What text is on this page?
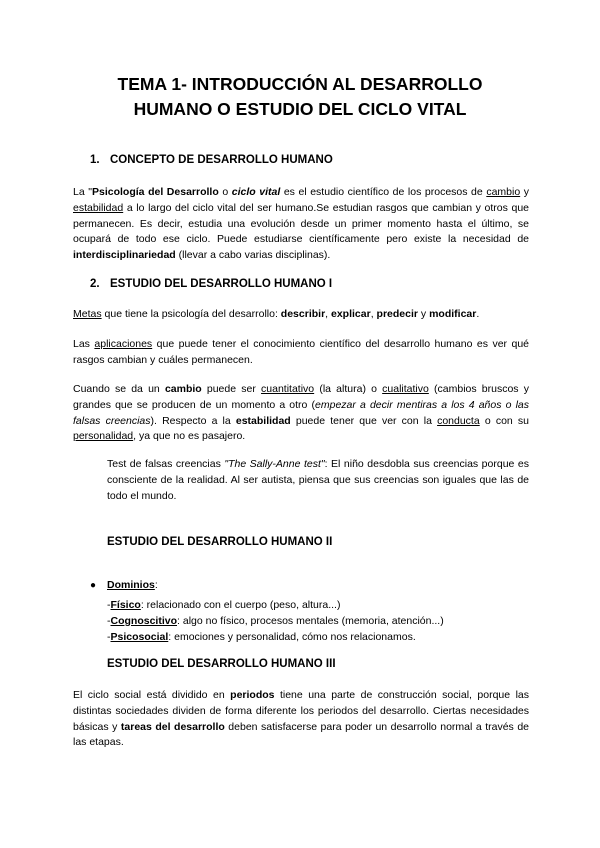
TEMA 1- INTRODUCCIÓN AL DESARROLLO
HUMANO O ESTUDIO DEL CICLO VITAL
1. CONCEPTO DE DESARROLLO HUMANO

La "Psicología del Desarrollo o ciclo vital es el estudio científico de los procesos de cambio y estabilidad a lo largo del ciclo vital del ser humano.Se estudian rasgos que cambian y otros que permanecen. Es decir, estudia una evolución desde un primer momento hasta el último, se ocupará de todo ese ciclo. Puede estudiarse científicamente pero existe la necesidad de interdisciplinariedad (llevar a cabo varias disciplinas).

2. ESTUDIO DEL DESARROLLO HUMANO I

Metas que tiene la psicología del desarrollo: describir, explicar, predecir y modificar.

Las aplicaciones que puede tener el conocimiento científico del desarrollo humano es ver qué rasgos cambian y cuáles permanecen.

Cuando se da un cambio puede ser cuantitativo (la altura) o cualitativo (cambios bruscos y grandes que se producen de un momento a otro (empezar a decir mentiras a los 4 años o las falsas creencias). Respecto a la estabilidad puede tener que ver con la conducta o con su personalidad, ya que no es pasajero.

Test de falsas creencias "The Sally-Anne test": El niño desdobla sus creencias porque es consciente de la realidad. Al ser autista, piensa que sus creencias son iguales que las de todo el mundo.

ESTUDIO DEL DESARROLLO HUMANO II
● Dominios:
-Físico: relacionado con el cuerpo (peso, altura...)
-Cognoscitivo: algo no físico, procesos mentales (memoria, atención...)
-Psicosocial: emociones y personalidad, cómo nos relacionamos.
ESTUDIO DEL DESARROLLO HUMANO III

El ciclo social está dividido en periodos tiene una parte de construcción social, porque las distintas sociedades dividen de forma diferente los periodos del desarrollo. Ciertas necesidades básicas y tareas del desarrollo deben satisfacerse para poder un desarrollo normal a través de las etapas.
